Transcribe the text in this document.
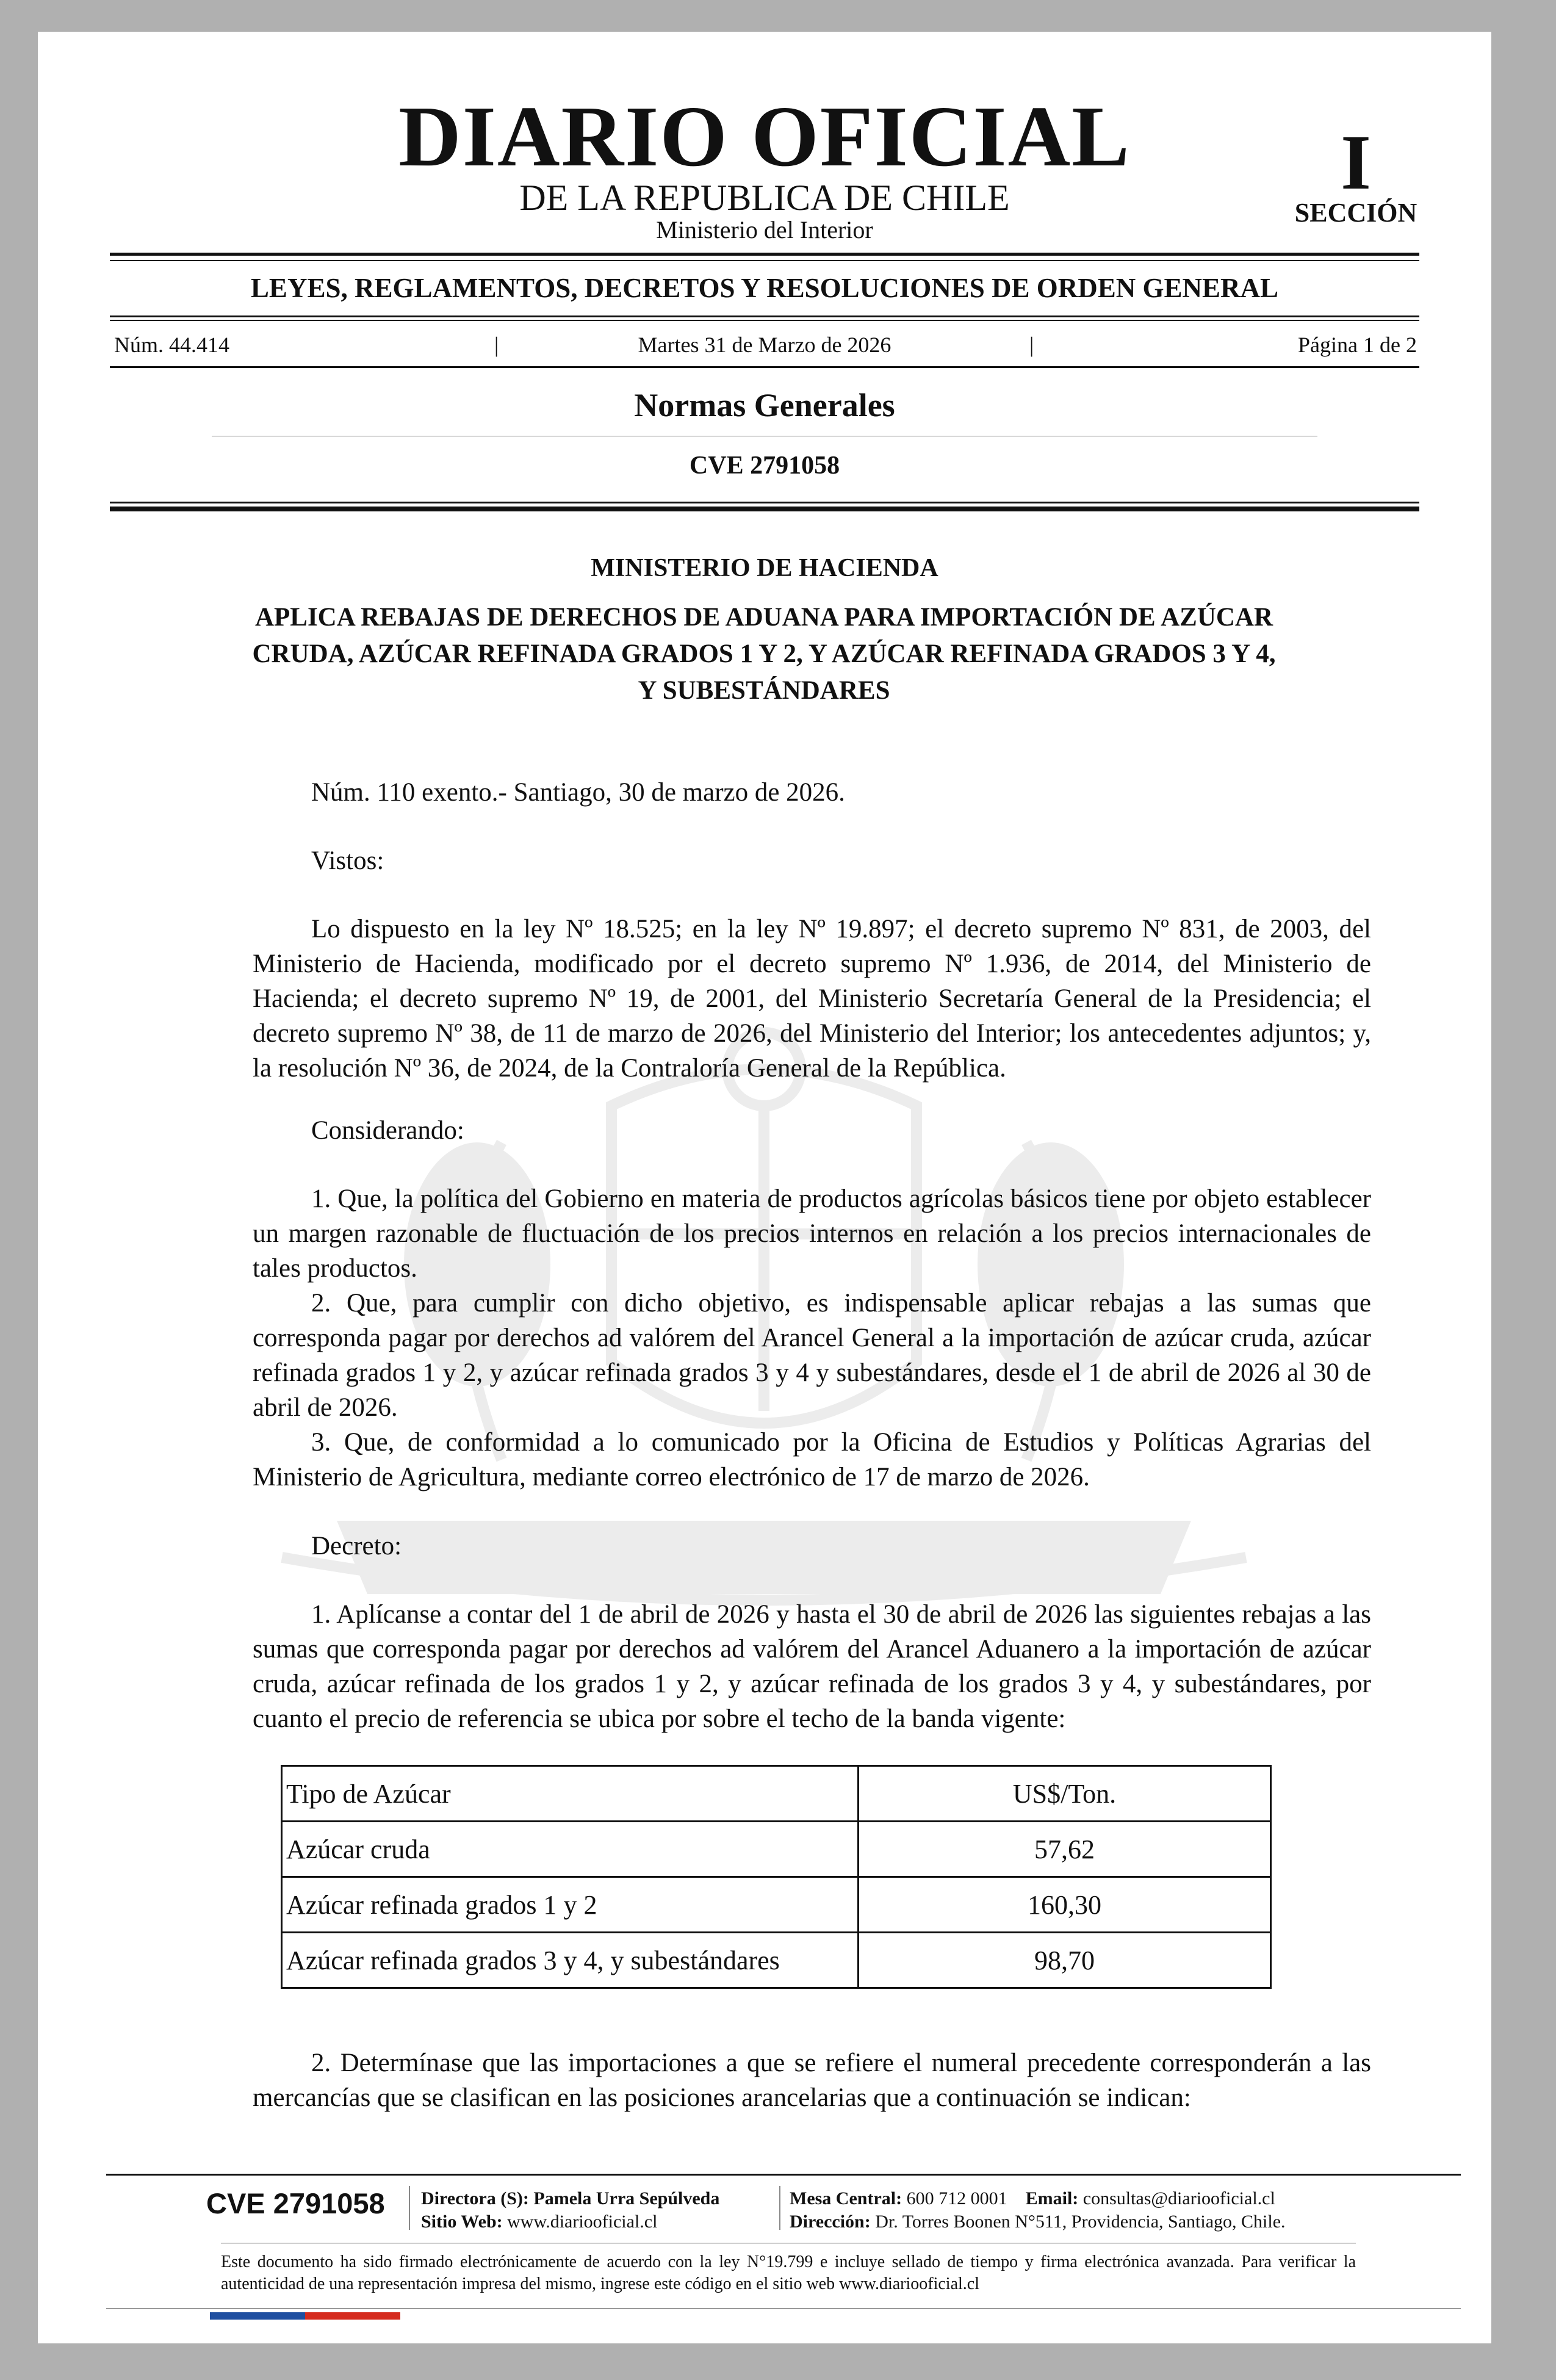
DIARIO OFICIAL
DE LA REPUBLICA DE CHILE
Ministerio del Interior
I
SECCIÓN
LEYES, REGLAMENTOS, DECRETOS Y RESOLUCIONES DE ORDEN GENERAL
Núm. 44.414	|	Martes 31 de Marzo de 2026	|	Página 1 de 2
Normas Generales
CVE 2791058
MINISTERIO DE HACIENDA
APLICA REBAJAS DE DERECHOS DE ADUANA PARA IMPORTACIÓN DE AZÚCAR CRUDA, AZÚCAR REFINADA GRADOS 1 Y 2, Y AZÚCAR REFINADA GRADOS 3 Y 4, Y SUBESTÁNDARES
Núm. 110 exento.- Santiago, 30 de marzo de 2026.
Vistos:
Lo dispuesto en la ley Nº 18.525; en la ley Nº 19.897; el decreto supremo Nº 831, de 2003, del Ministerio de Hacienda, modificado por el decreto supremo Nº 1.936, de 2014, del Ministerio de Hacienda; el decreto supremo Nº 19, de 2001, del Ministerio Secretaría General de la Presidencia; el decreto supremo Nº 38, de 11 de marzo de 2026, del Ministerio del Interior; los antecedentes adjuntos; y, la resolución Nº 36, de 2024, de la Contraloría General de la República.
Considerando:
1. Que, la política del Gobierno en materia de productos agrícolas básicos tiene por objeto establecer un margen razonable de fluctuación de los precios internos en relación a los precios internacionales de tales productos.
2. Que, para cumplir con dicho objetivo, es indispensable aplicar rebajas a las sumas que corresponda pagar por derechos ad valórem del Arancel General a la importación de azúcar cruda, azúcar refinada grados 1 y 2, y azúcar refinada grados 3 y 4 y subestándares, desde el 1 de abril de 2026 al 30 de abril de 2026.
3. Que, de conformidad a lo comunicado por la Oficina de Estudios y Políticas Agrarias del Ministerio de Agricultura, mediante correo electrónico de 17 de marzo de 2026.
Decreto:
1. Aplícanse a contar del 1 de abril de 2026 y hasta el 30 de abril de 2026 las siguientes rebajas a las sumas que corresponda pagar por derechos ad valórem del Arancel Aduanero a la importación de azúcar cruda, azúcar refinada de los grados 1 y 2, y azúcar refinada de los grados 3 y 4, y subestándares, por cuanto el precio de referencia se ubica por sobre el techo de la banda vigente:
Tipo de Azúcar	US$/Ton.
Azúcar cruda	57,62
Azúcar refinada grados 1 y 2	160,30
Azúcar refinada grados 3 y 4, y subestándares	98,70
2. Determínase que las importaciones a que se refiere el numeral precedente corresponderán a las mercancías que se clasifican en las posiciones arancelarias que a continuación se indican:
CVE 2791058 Directora (S): Pamela Urra Sepúlveda
Sitio Web: www.diariooficial.cl
Mesa Central: 600 712 0001 Email: consultas@diariooficial.cl
Dirección: Dr. Torres Boonen N°511, Providencia, Santiago, Chile.
Este documento ha sido firmado electrónicamente de acuerdo con la ley N°19.799 e incluye sellado de tiempo y firma electrónica avanzada. Para verificar la autenticidad de una representación impresa del mismo, ingrese este código en el sitio web www.diariooficial.cl
